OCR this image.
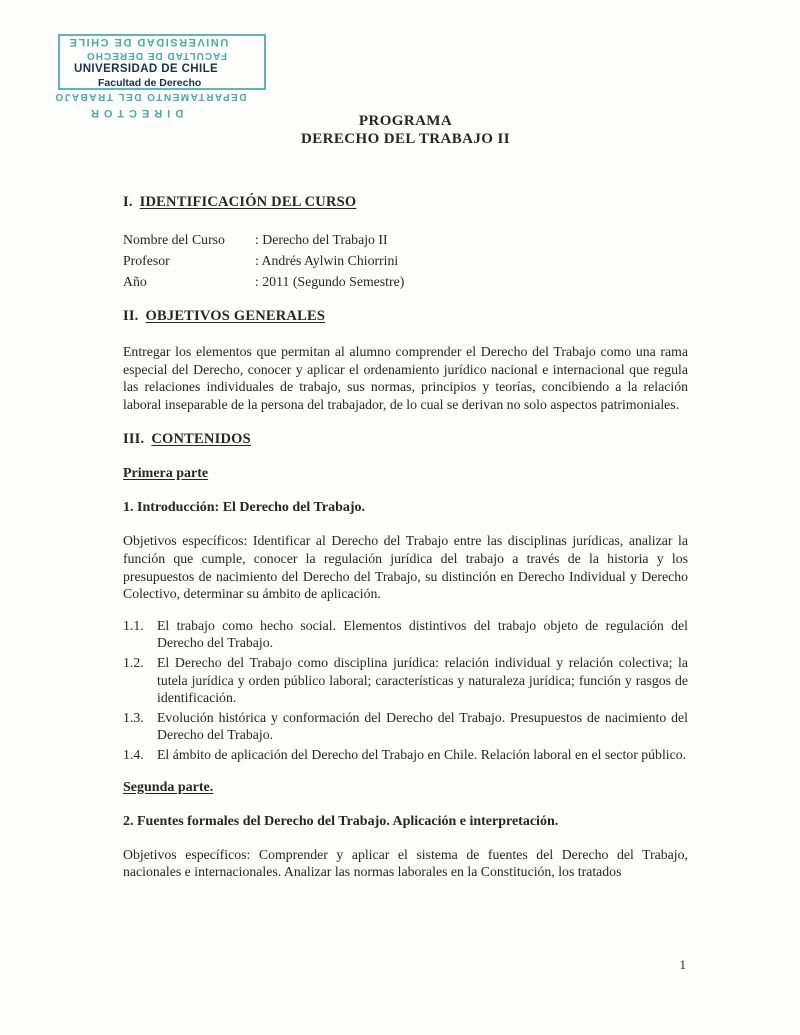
UNIVERSIDAD DE CHILE
FACULTAD DE DERECHO
UNIVERSIDAD DE CHILE
Facultad de Derecho
DEPARTAMENTO DEL TRABAJO
DIRECTOR	PROGRAMA
DERECHO DEL TRABAJO II
I. IDENTIFICACIÓN DEL CURSO
Nombre del Curso	: Derecho del Trabajo II
Profesor	: Andrés Aylwin Chiorrini
Año	: 2011 (Segundo Semestre)
II. OBJETIVOS GENERALES

Entregar los elementos que permitan al alumno comprender el Derecho del Trabajo como una rama especial del Derecho, conocer y aplicar el ordenamiento jurídico nacional e internacional que regula las relaciones individuales de trabajo, sus normas, principios y teorías, concibiendo a la relación laboral inseparable de la persona del trabajador, de lo cual se derivan no solo aspectos patrimoniales.

III. CONTENIDOS
Primera parte
1. Introducción: El Derecho del Trabajo.

Objetivos específicos: Identificar al Derecho del Trabajo entre las disciplinas jurídicas, analizar la función que cumple, conocer la regulación jurídica del trabajo a través de la historia y los presupuestos de nacimiento del Derecho del Trabajo, su distinción en Derecho Individual y Derecho Colectivo, determinar su ámbito de aplicación.

1.1. El trabajo como hecho social. Elementos distintivos del trabajo objeto de regulación del Derecho del Trabajo.
1.2. El Derecho del Trabajo como disciplina jurídica: relación individual y relación colectiva; la tutela jurídica y orden público laboral; características y naturaleza jurídica; función y rasgos de identificación.
1.3. Evolución histórica y conformación del Derecho del Trabajo. Presupuestos de nacimiento del Derecho del Trabajo.
1.4. El ámbito de aplicación del Derecho del Trabajo en Chile. Relación laboral en el sector público.
Segunda parte.
2. Fuentes formales del Derecho del Trabajo. Aplicación e interpretación.

Objetivos específicos: Comprender y aplicar el sistema de fuentes del Derecho del Trabajo, nacionales e internacionales. Analizar las normas laborales en la Constitución, los tratados

1
